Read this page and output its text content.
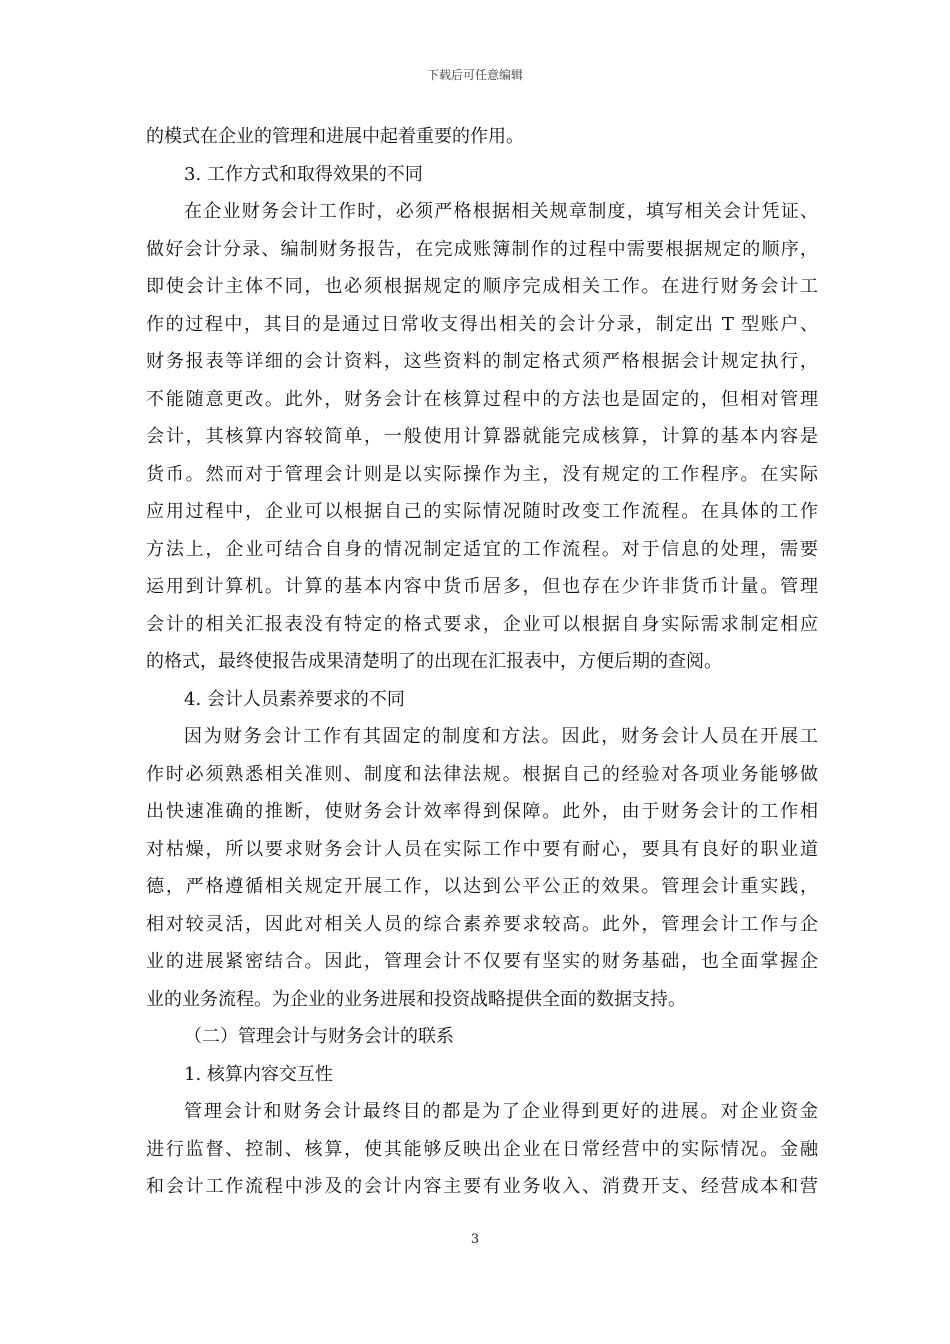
下载后可任意编辑
的模式在企业的管理和进展中起着重要的作用。
3. 工作方式和取得效果的不同
在企业财务会计工作时，必须严格根据相关规章制度，填写相关会计凭证、
做好会计分录、编制财务报告，在完成账簿制作的过程中需要根据规定的顺序，
即使会计主体不同，也必须根据规定的顺序完成相关工作。在进行财务会计工
作的过程中，其目的是通过日常收支得出相关的会计分录，制定出 T 型账户、
财务报表等详细的会计资料，这些资料的制定格式须严格根据会计规定执行，
不能随意更改。此外，财务会计在核算过程中的方法也是固定的，但相对管理
会计，其核算内容较简单，一般使用计算器就能完成核算，计算的基本内容是
货币。然而对于管理会计则是以实际操作为主，没有规定的工作程序。在实际
应用过程中，企业可以根据自己的实际情况随时改变工作流程。在具体的工作
方法上，企业可结合自身的情况制定适宜的工作流程。对于信息的处理，需要
运用到计算机。计算的基本内容中货币居多，但也存在少许非货币计量。管理
会计的相关汇报表没有特定的格式要求，企业可以根据自身实际需求制定相应
的格式，最终使报告成果清楚明了的出现在汇报表中，方便后期的查阅。
4. 会计人员素养要求的不同
因为财务会计工作有其固定的制度和方法。因此，财务会计人员在开展工
作时必须熟悉相关准则、制度和法律法规。根据自己的经验对各项业务能够做
出快速准确的推断，使财务会计效率得到保障。此外，由于财务会计的工作相
对枯燥，所以要求财务会计人员在实际工作中要有耐心，要具有良好的职业道
德，严格遵循相关规定开展工作，以达到公平公正的效果。管理会计重实践，
相对较灵活，因此对相关人员的综合素养要求较高。此外，管理会计工作与企
业的进展紧密结合。因此，管理会计不仅要有坚实的财务基础，也全面掌握企
业的业务流程。为企业的业务进展和投资战略提供全面的数据支持。
（二）管理会计与财务会计的联系
1. 核算内容交互性
管理会计和财务会计最终目的都是为了企业得到更好的进展。对企业资金
进行监督、控制、核算，使其能够反映出企业在日常经营中的实际情况。金融
和会计工作流程中涉及的会计内容主要有业务收入、消费开支、经营成本和营
3
